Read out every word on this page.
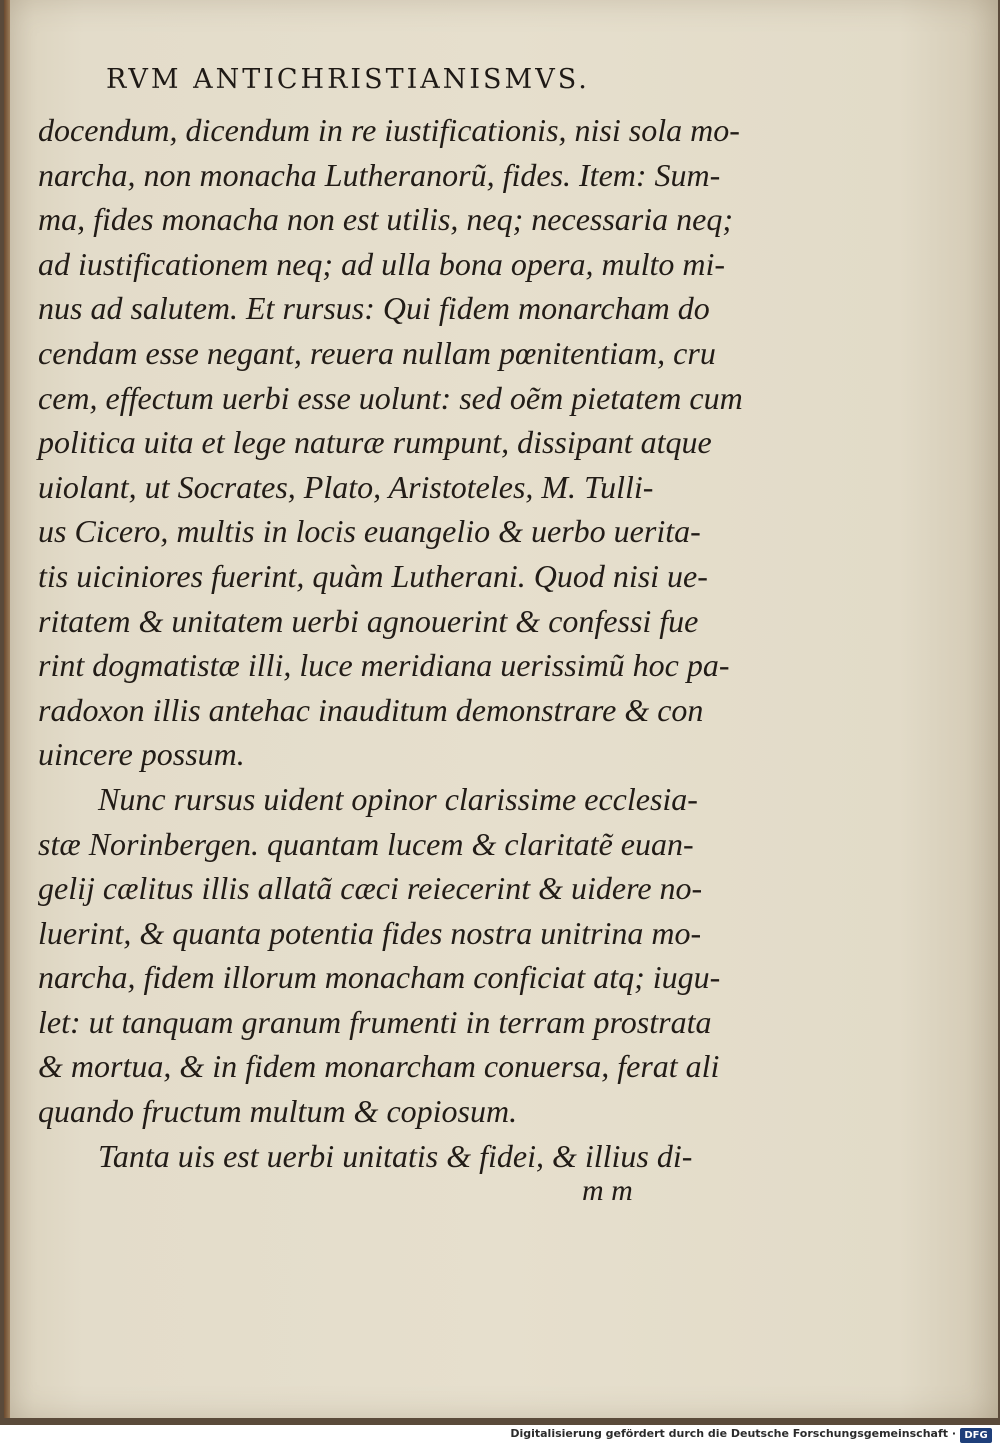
RVM ANTICHRISTIANISMVS.
docendum, dicendum in re iustificationis, nisi sola mo-
narcha, non monacha Lutheranorũ, fides. Item: Sum-
ma, fides monacha non est utilis, neq; necessaria neq;
ad iustificationem neq; ad ulla bona opera, multo mi-
nus ad salutem. Et rursus: Qui fidem monarcham do
cendam esse negant, reuera nullam pœnitentiam, cru
cem, effectum uerbi esse uolunt: sed oẽm pietatem cum
politica uita et lege naturæ rumpunt, dissipant atque
uiolant, ut Socrates, Plato, Aristoteles, M. Tulli-
us Cicero, multis in locis euangelio & uerbo uerita-
tis uiciniores fuerint, quàm Lutherani. Quod nisi ue-
ritatem & unitatem uerbi agnouerint & confessi fue
rint dogmatistæ illi, luce meridiana uerissimũ hoc pa-
radoxon illis antehac inauditum demonstrare & con
uincere possum.
Nunc rursus uident opinor clarissime ecclesia-
stæ Norinbergen. quantam lucem & claritatẽ euan-
gelij cælitus illis allatã cæci reiecerint & uidere no-
luerint, & quanta potentia fides nostra unitrina mo-
narcha, fidem illorum monacham conficiat atq; iugu-
let: ut tanquam granum frumenti in terram prostrata
& mortua, & in fidem monarcham conuersa, ferat ali
quando fructum multum & copiosum.
Tanta uis est uerbi unitatis & fidei, & illius di-
m m
Digitalisierung gefördert durch die Deutsche Forschungsgemeinschaft · DFG
